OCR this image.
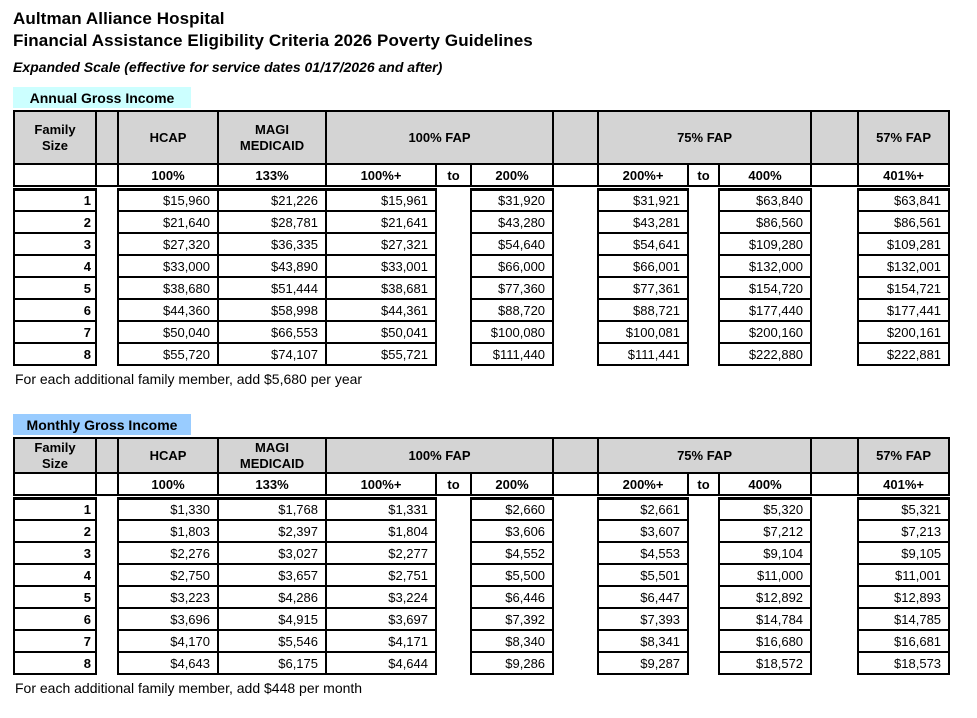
Aultman Alliance Hospital
Financial Assistance Eligibility Criteria 2026 Poverty Guidelines
Expanded Scale (effective for service dates 01/17/2026 and after)
Annual Gross Income
Family
Size		HCAP	MAGI
MEDICAID	100% FAP				75% FAP				57% FAP
		100%	133%	100%+	to	200%		200%+	to	400%		401%+

1		$15,960	$21,226	$15,961		$31,920		$31,921		$63,840		$63,841
2		$21,640	$28,781	$21,641		$43,280		$43,281		$86,560		$86,561
3		$27,320	$36,335	$27,321		$54,640		$54,641		$109,280		$109,281
4		$33,000	$43,890	$33,001		$66,000		$66,001		$132,000		$132,001
5		$38,680	$51,444	$38,681		$77,360		$77,361		$154,720		$154,721
6		$44,360	$58,998	$44,361		$88,720		$88,721		$177,440		$177,441
7		$50,040	$66,553	$50,041		$100,080		$100,081		$200,160		$200,161
8		$55,720	$74,107	$55,721		$111,440		$111,441		$222,880		$222,881
For each additional family member, add $5,680 per year
Monthly Gross Income
Family
Size		HCAP	MAGI
MEDICAID	100% FAP				75% FAP				57% FAP
		100%	133%	100%+	to	200%		200%+	to	400%		401%+

1		$1,330	$1,768	$1,331		$2,660		$2,661		$5,320		$5,321
2		$1,803	$2,397	$1,804		$3,606		$3,607		$7,212		$7,213
3		$2,276	$3,027	$2,277		$4,552		$4,553		$9,104		$9,105
4		$2,750	$3,657	$2,751		$5,500		$5,501		$11,000		$11,001
5		$3,223	$4,286	$3,224		$6,446		$6,447		$12,892		$12,893
6		$3,696	$4,915	$3,697		$7,392		$7,393		$14,784		$14,785
7		$4,170	$5,546	$4,171		$8,340		$8,341		$16,680		$16,681
8		$4,643	$6,175	$4,644		$9,286		$9,287		$18,572		$18,573
For each additional family member, add $448 per month
